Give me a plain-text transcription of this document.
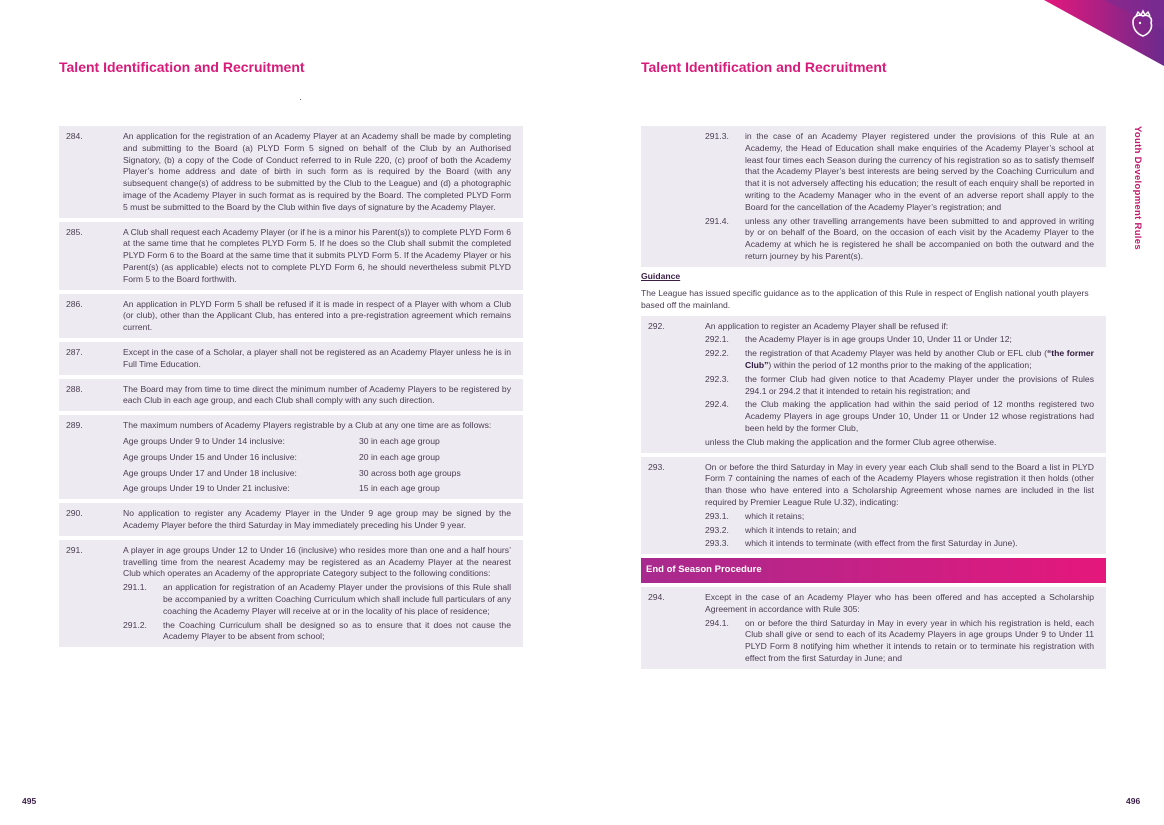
Talent Identification and Recruitment	Talent Identification and Recruitment
Youth Development Rules
284.	An application for the registration of an Academy Player at an Academy shall be made by completing and submitting to the Board (a) PLYD Form 5 signed on behalf of the Club by an Authorised Signatory, (b) a copy of the Code of Conduct referred to in Rule 220, (c) proof of both the Academy Player’s home address and date of birth in such form as is required by the Board (with any subsequent change(s) of address to be submitted by the Club to the League) and (d) a photographic image of the Academy Player in such format as is required by the Board. The completed PLYD Form 5 must be submitted to the Board by the Club within five days of signature by the Academy Player.
285.	A Club shall request each Academy Player (or if he is a minor his Parent(s)) to complete PLYD Form 6 at the same time that he completes PLYD Form 5. If he does so the Club shall submit the completed PLYD Form 6 to the Board at the same time that it submits PLYD Form 5. If the Academy Player or his Parent(s) (as applicable) elects not to complete PLYD Form 6, he should nevertheless submit PLYD Form 5 to the Board forthwith.
286.	An application in PLYD Form 5 shall be refused if it is made in respect of a Player with whom a Club (or club), other than the Applicant Club, has entered into a pre-registration agreement which remains current.
287.	Except in the case of a Scholar, a player shall not be registered as an Academy Player unless he is in Full Time Education.
288.	The Board may from time to time direct the minimum number of Academy Players to be registered by each Club in each age group, and each Club shall comply with any such direction.
289.	The maximum numbers of Academy Players registrable by a Club at any one time are as follows:
Age groups Under 9 to Under 14 inclusive:	30 in each age group
Age groups Under 15 and Under 16 inclusive:	20 in each age group
Age groups Under 17 and Under 18 inclusive:	30 across both age groups
Age groups Under 19 to Under 21 inclusive:	15 in each age group
290.	No application to register any Academy Player in the Under 9 age group may be signed by the Academy Player before the third Saturday in May immediately preceding his Under 9 year.
291.	A player in age groups Under 12 to Under 16 (inclusive) who resides more than one and a half hours’ travelling time from the nearest Academy may be registered as an Academy Player at the nearest Club which operates an Academy of the appropriate Category subject to the following conditions:
291.1.	an application for registration of an Academy Player under the provisions of this Rule shall be accompanied by a written Coaching Curriculum which shall include full particulars of any coaching the Academy Player will receive at or in the locality of his place of residence;
291.2.	the Coaching Curriculum shall be designed so as to ensure that it does not cause the Academy Player to be absent from school;
291.3.	in the case of an Academy Player registered under the provisions of this Rule at an Academy, the Head of Education shall make enquiries of the Academy Player’s school at least four times each Season during the currency of his registration so as to satisfy themself that the Academy Player’s best interests are being served by the Coaching Curriculum and that it is not adversely affecting his education; the result of each enquiry shall be reported in writing to the Academy Manager who in the event of an adverse report shall apply to the Board for the cancellation of the Academy Player’s registration; and
291.4.	unless any other travelling arrangements have been submitted to and approved in writing by or on behalf of the Board, on the occasion of each visit by the Academy Player to the Academy at which he is registered he shall be accompanied on both the outward and the return journey by his Parent(s).
Guidance
The League has issued specific guidance as to the application of this Rule in respect of English national youth players based off the mainland.
292.	An application to register an Academy Player shall be refused if:
292.1.	the Academy Player is in age groups Under 10, Under 11 or Under 12;
292.2.	the registration of that Academy Player was held by another Club or EFL club (“the former Club”) within the period of 12 months prior to the making of the application;
292.3.	the former Club had given notice to that Academy Player under the provisions of Rules 294.1 or 294.2 that it intended to retain his registration; and
292.4.	the Club making the application had within the said period of 12 months registered two Academy Players in age groups Under 10, Under 11 or Under 12 whose registrations had been held by the former Club,
unless the Club making the application and the former Club agree otherwise.
293.	On or before the third Saturday in May in every year each Club shall send to the Board a list in PLYD Form 7 containing the names of each of the Academy Players whose registration it then holds (other than those who have entered into a Scholarship Agreement whose names are included in the list required by Premier League Rule U.32), indicating:
293.1.	which it retains;
293.2.	which it intends to retain; and
293.3.	which it intends to terminate (with effect from the first Saturday in June).
End of Season Procedure
294.	Except in the case of an Academy Player who has been offered and has accepted a Scholarship Agreement in accordance with Rule 305:
294.1.	on or before the third Saturday in May in every year in which his registration is held, each Club shall give or send to each of its Academy Players in age groups Under 9 to Under 11 PLYD Form 8 notifying him whether it intends to retain or to terminate his registration with effect from the first Saturday in June; and
495	496
